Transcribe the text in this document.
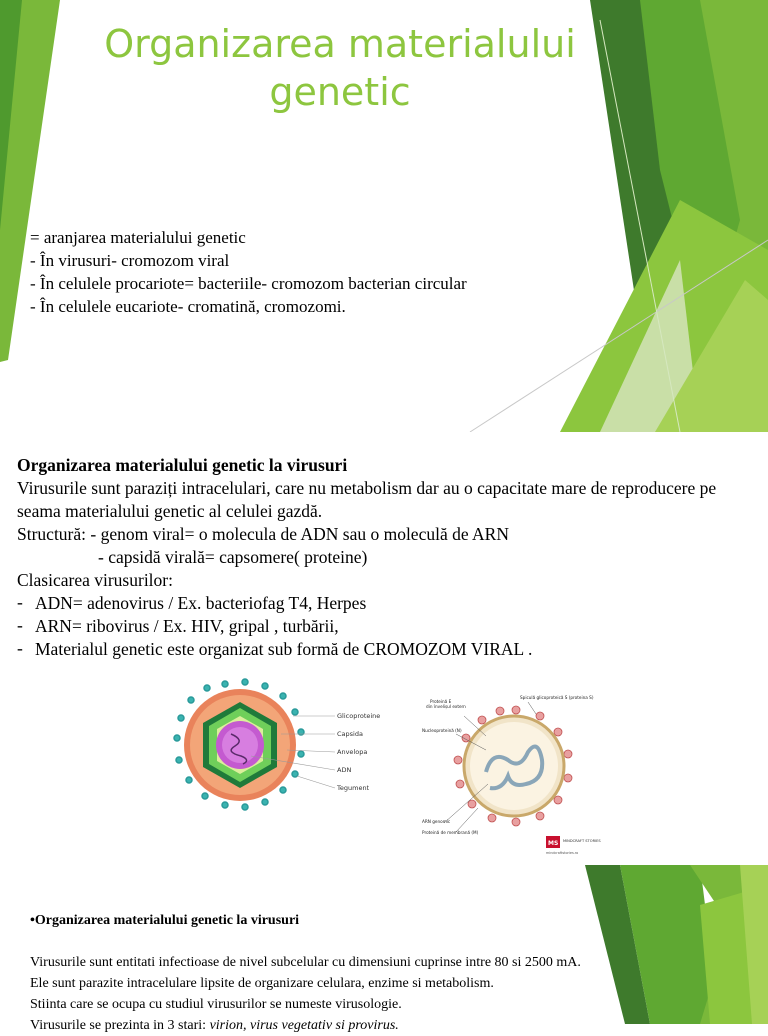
Organizarea materialului genetic
= aranjarea materialului genetic
- În virusuri- cromozom viral
- În celulele procariote= bacteriile- cromozom bacterian circular
- În celulele eucariote- cromatină, cromozomi.

Organizarea materialului genetic la virusuri

Virusurile sunt paraziți intracelulari, care nu metabolism dar au o capacitate mare de reproducere pe seama materialului genetic al celulei gazdă.

Structură: - genom viral= o molecula de ADN sau o moleculă de ARN

- capsidă virală= capsomere( proteine)

Clasicarea virusurilor:

- ADN= adenovirus / Ex. bacteriofag T4, Herpes
- ARN= ribovirus / Ex. HIV, gripal , turbării,
- Materialul genetic este organizat sub formă de CROMOZOM VIRAL .
Glicoproteine
Capsida
Anvelopa
ADN
Tegument
Proteină E
din învelișul extern
Spiculă glicoproteică S (proteina S)
Nucleoproteină (N)
ARN genomic
Proteină de membrană (M)
MS MINDCRAFT STORIES
mindcraftstories.ro
•Organizarea materialului genetic la virusuri

Virusurile sunt entitati infectioase de nivel subcelular cu dimensiuni cuprinse intre 80 si 2500 mA.

Ele sunt parazite intracelulare lipsite de organizare celulara, enzime si metabolism.

Stiinta care se ocupa cu studiul virusurilor se numeste virusologie.

Virusurile se prezinta in 3 stari: virion, virus vegetativ si provirus.
